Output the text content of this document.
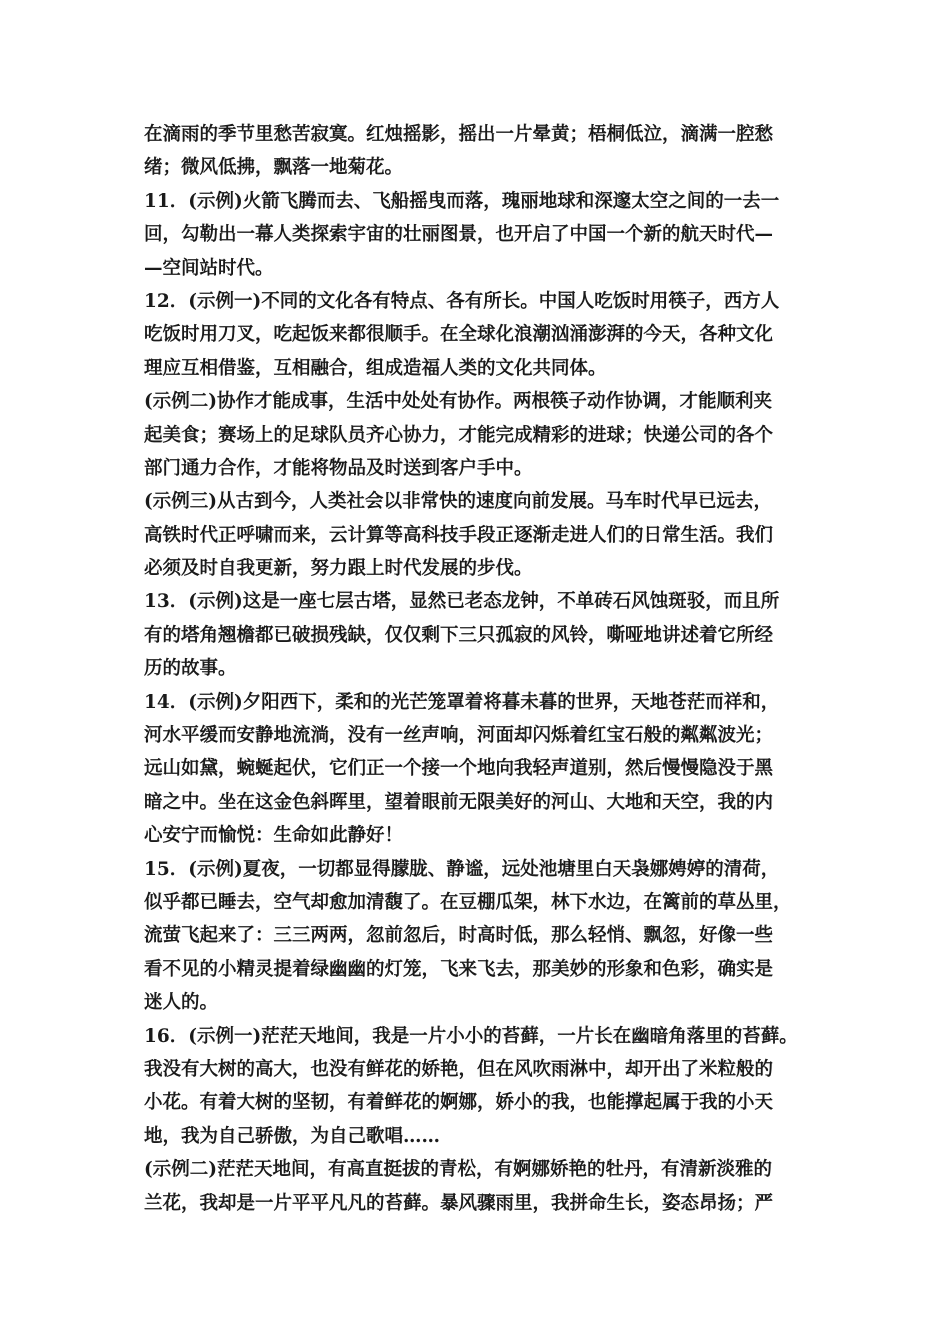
在滴雨的季节里愁苦寂寞。红烛摇影，摇出一片晕黄；梧桐低泣，滴满一腔愁
绪；微风低拂，飘落一地菊花。
11．(示例)火箭飞腾而去、飞船摇曳而落，瑰丽地球和深邃太空之间的一去一
回，勾勒出一幕人类探索宇宙的壮丽图景，也开启了中国一个新的航天时代—
—空间站时代。
12．(示例一)不同的文化各有特点、各有所长。中国人吃饭时用筷子，西方人
吃饭时用刀叉，吃起饭来都很顺手。在全球化浪潮汹涌澎湃的今天，各种文化
理应互相借鉴，互相融合，组成造福人类的文化共同体。
(示例二)协作才能成事，生活中处处有协作。两根筷子动作协调，才能顺利夹
起美食；赛场上的足球队员齐心协力，才能完成精彩的进球；快递公司的各个
部门通力合作，才能将物品及时送到客户手中。
(示例三)从古到今，人类社会以非常快的速度向前发展。马车时代早已远去，
高铁时代正呼啸而来，云计算等高科技手段正逐渐走进人们的日常生活。我们
必须及时自我更新，努力跟上时代发展的步伐。
13．(示例)这是一座七层古塔，显然已老态龙钟，不单砖石风蚀斑驳，而且所
有的塔角翘檐都已破损残缺，仅仅剩下三只孤寂的风铃，嘶哑地讲述着它所经
历的故事。
14．(示例)夕阳西下，柔和的光芒笼罩着将暮未暮的世界，天地苍茫而祥和，
河水平缓而安静地流淌，没有一丝声响，河面却闪烁着红宝石般的粼粼波光；
远山如黛，蜿蜒起伏，它们正一个接一个地向我轻声道别，然后慢慢隐没于黑
暗之中。坐在这金色斜晖里，望着眼前无限美好的河山、大地和天空，我的内
心安宁而愉悦：生命如此静好！
15．(示例)夏夜，一切都显得朦胧、静谧，远处池塘里白天袅娜娉婷的清荷，
似乎都已睡去，空气却愈加清馥了。在豆棚瓜架，林下水边，在篱前的草丛里，
流萤飞起来了：三三两两，忽前忽后，时高时低，那么轻悄、飘忽，好像一些
看不见的小精灵提着绿幽幽的灯笼，飞来飞去，那美妙的形象和色彩，确实是
迷人的。
16．(示例一)茫茫天地间，我是一片小小的苔藓，一片长在幽暗角落里的苔藓。
我没有大树的高大，也没有鲜花的娇艳，但在风吹雨淋中，却开出了米粒般的
小花。有着大树的坚韧，有着鲜花的婀娜，娇小的我，也能撑起属于我的小天
地，我为自己骄傲，为自己歌唱……
(示例二)茫茫天地间，有高直挺拔的青松，有婀娜娇艳的牡丹，有清新淡雅的
兰花，我却是一片平平凡凡的苔藓。暴风骤雨里，我拼命生长，姿态昂扬；严
